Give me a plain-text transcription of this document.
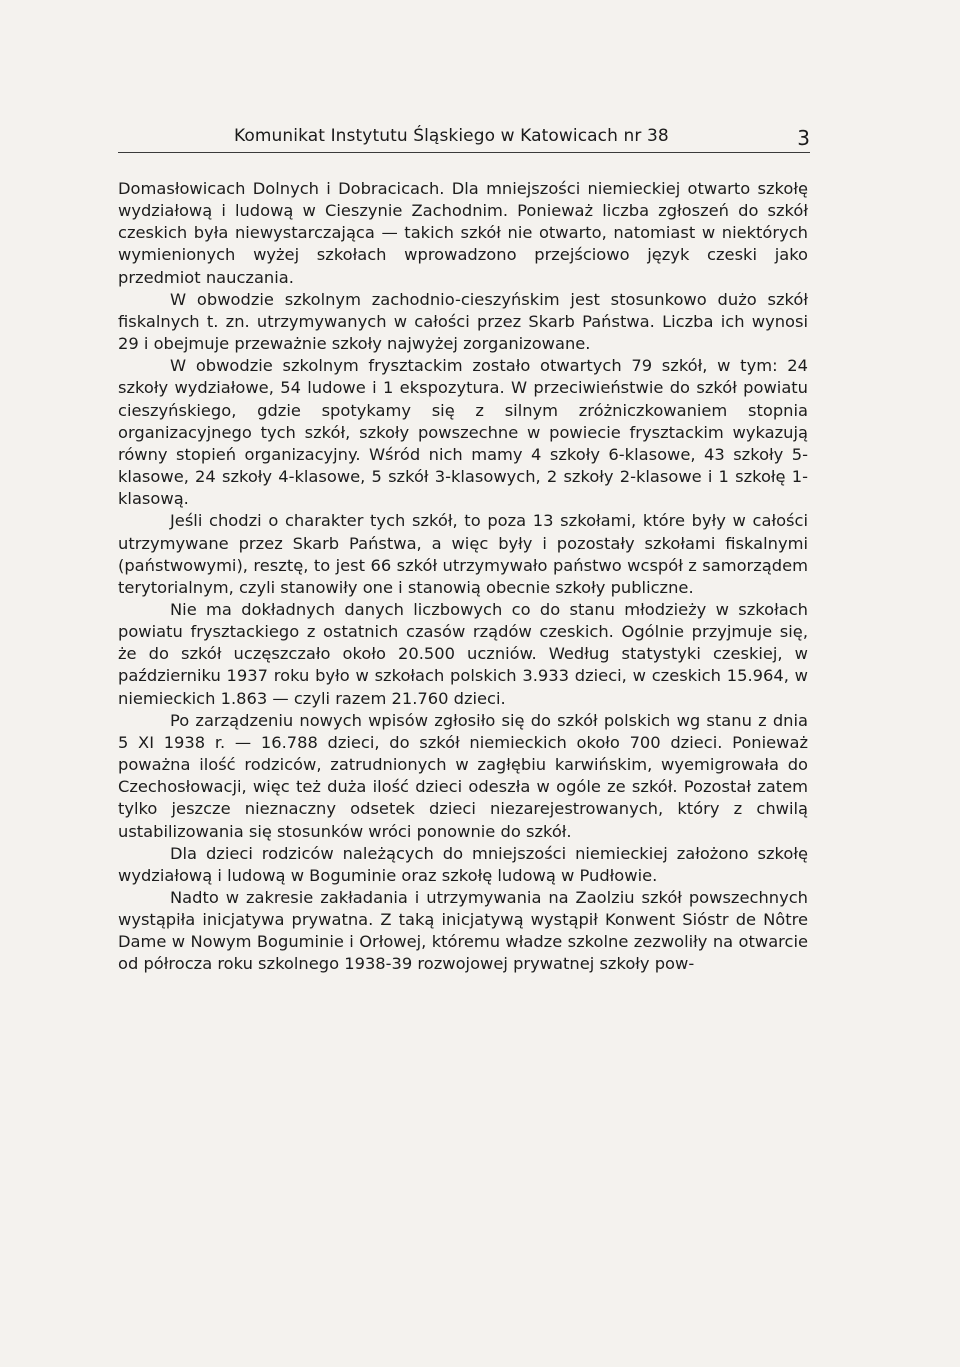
Komunikat Instytutu Śląskiego w Katowicach nr 38	3

Domasłowicach Dolnych i Dobracicach. Dla mniejszości niemieckiej otwarto szkołę wydziałową i ludową w Cieszynie Zachodnim. Ponieważ liczba zgłoszeń do szkół czeskich była niewystarczająca — takich szkół nie otwarto, natomiast w niektórych wymienionych wyżej szkołach wprowadzono przejściowo język czeski jako przedmiot nauczania.

W obwodzie szkolnym zachodnio-cieszyńskim jest stosunkowo dużo szkół fiskalnych t. zn. utrzymywanych w całości przez Skarb Państwa. Liczba ich wynosi 29 i obejmuje przeważnie szkoły najwyżej zorganizowane.

W obwodzie szkolnym frysztackim zostało otwartych 79 szkół, w tym: 24 szkoły wydziałowe, 54 ludowe i 1 ekspozytura. W przeciwieństwie do szkół powiatu cieszyńskiego, gdzie spotykamy się z silnym zróżniczkowaniem stopnia organizacyjnego tych szkół, szkoły powszechne w powiecie frysztackim wykazują równy stopień organizacyjny. Wśród nich mamy 4 szkoły 6-klasowe, 43 szkoły 5-klasowe, 24 szkoły 4-klasowe, 5 szkół 3-klasowych, 2 szkoły 2-klasowe i 1 szkołę 1-klasową.

Jeśli chodzi o charakter tych szkół, to poza 13 szkołami, które były w całości utrzymywane przez Skarb Państwa, a więc były i pozostały szkołami fiskalnymi (państwowymi), resztę, to jest 66 szkół utrzymywało państwo wcspół z samorządem terytorialnym, czyli stanowiły one i stanowią obecnie szkoły publiczne.

Nie ma dokładnych danych liczbowych co do stanu młodzieży w szkołach powiatu frysztackiego z ostatnich czasów rządów czeskich. Ogólnie przyjmuje się, że do szkół uczęszczało około 20.500 uczniów. Według statystyki czeskiej, w październiku 1937 roku było w szkołach polskich 3.933 dzieci, w czeskich 15.964, w niemieckich 1.863 — czyli razem 21.760 dzieci.

Po zarządzeniu nowych wpisów zgłosiło się do szkół polskich wg stanu z dnia 5 XI 1938 r. — 16.788 dzieci, do szkół niemieckich około 700 dzieci. Ponieważ poważna ilość rodziców, zatrudnionych w zagłębiu karwińskim, wyemigrowała do Czechosłowacji, więc też duża ilość dzieci odeszła w ogóle ze szkół. Pozostał zatem tylko jeszcze nieznaczny odsetek dzieci niezarejestrowanych, który z chwilą ustabilizowania się stosunków wróci ponownie do szkół.

Dla dzieci rodziców należących do mniejszości niemieckiej założono szkołę wydziałową i ludową w Boguminie oraz szkołę ludową w Pudłowie.

Nadto w zakresie zakładania i utrzymywania na Zaolziu szkół powszechnych wystąpiła inicjatywa prywatna. Z taką inicjatywą wystąpił Konwent Sióstr de Nôtre Dame w Nowym Boguminie i Orłowej, któremu władze szkolne zezwoliły na otwarcie od półrocza roku szkolnego 1938-39 rozwojowej prywatnej szkoły pow-
